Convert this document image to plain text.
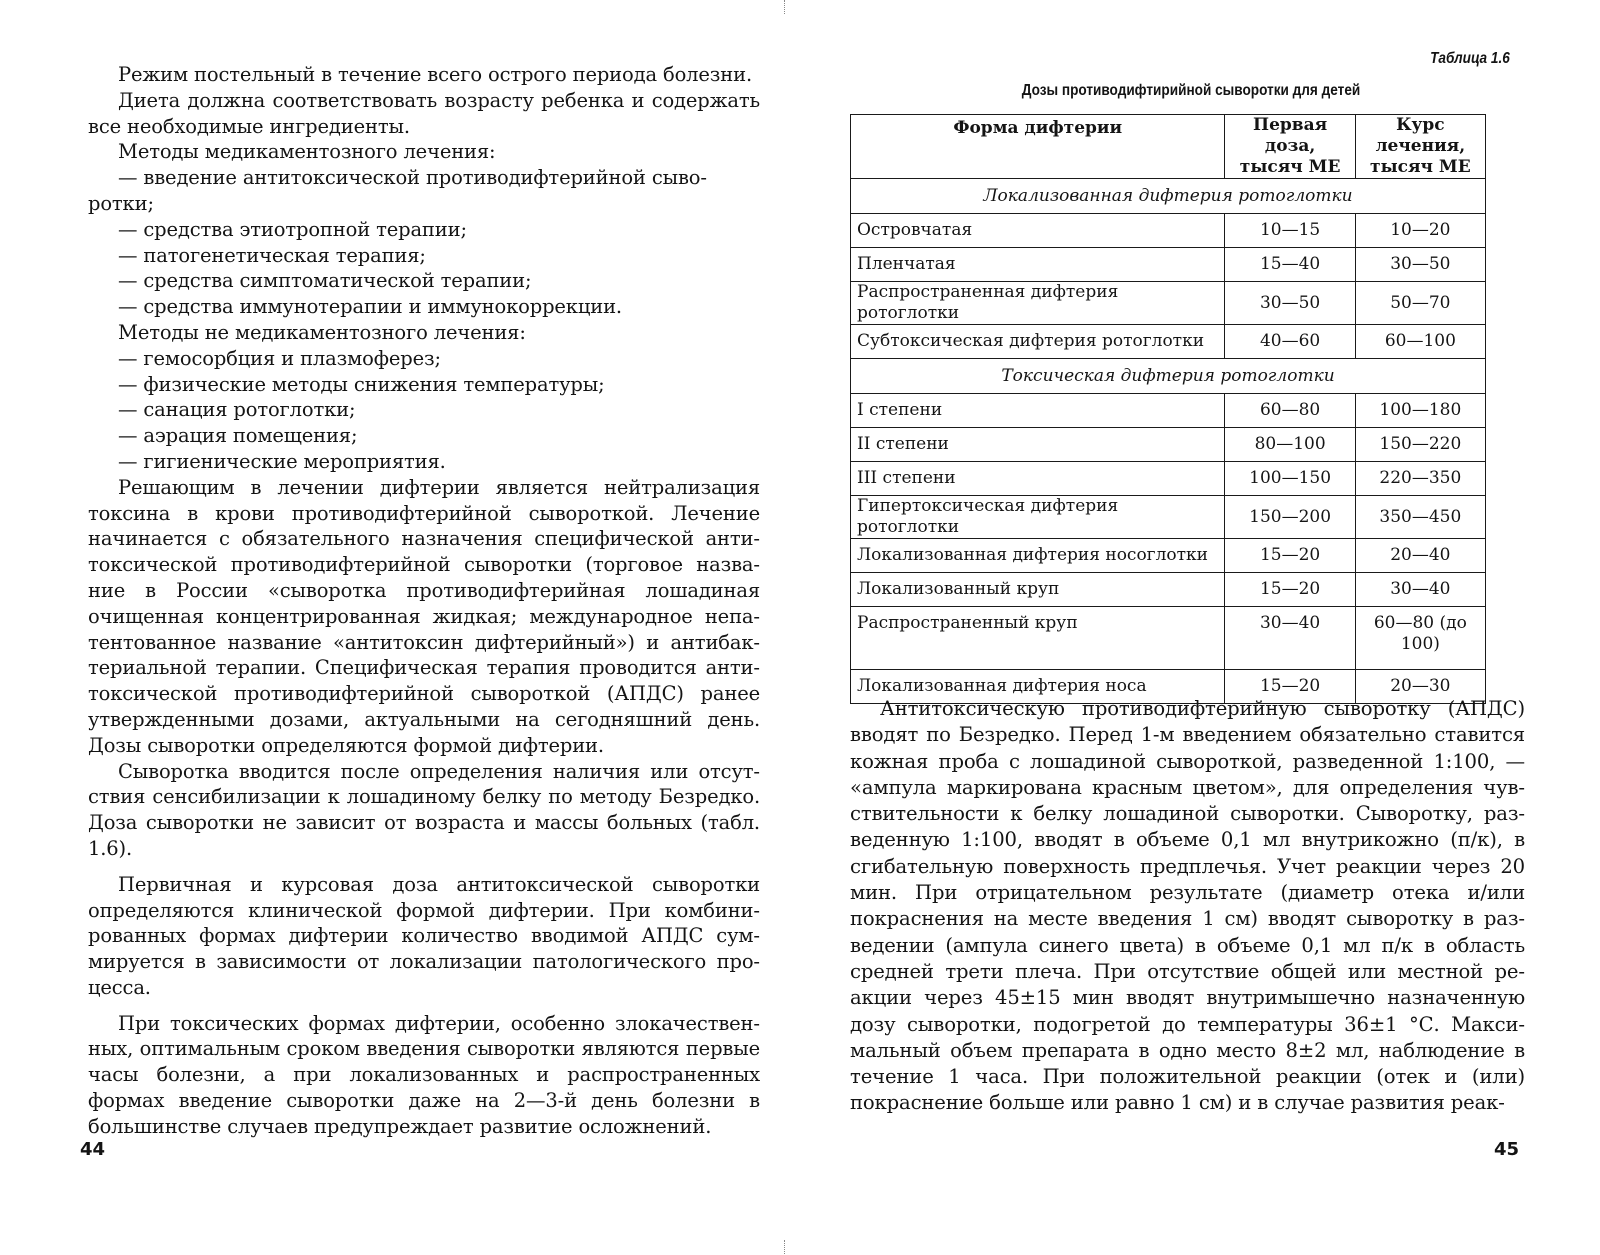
Режим постельный в течение всего острого периода болезни.

Диета должна соответствовать возрасту ребенка и содержать все необходимые ингредиенты.

Методы медикаментозного лечения:

— введение антитоксической противодифтерийной сыворотки;

— средства этиотропной терапии;

— патогенетическая терапия;

— средства симптоматической терапии;

— средства иммунотерапии и иммунокоррекции.

Методы не медикаментозного лечения:

— гемосорбция и плазмоферез;

— физические методы снижения температуры;

— санация ротоглотки;

— аэрация помещения;

— гигиенические мероприятия.

Решающим в лечении дифтерии является нейтрализация токсина в крови противодифтерийной сывороткой. Лечение начинается с обязательного назначения специфической антитоксической противодифтерийной сыворотки (торговое название в России «сыворотка противодифтерийная лошадиная очищенная концентрированная жидкая; международное непатентованное название «антитоксин дифтерийный») и антибактериальной терапии. Специфическая терапия проводится антитоксической противодифтерийной сывороткой (АПДС) ранее утвержденными дозами, актуальными на сегодняшний день. Дозы сыворотки определяются формой дифтерии.

Сыворотка вводится после определения наличия или отсутствия сенсибилизации к лошадиному белку по методу Безредко. Доза сыворотки не зависит от возраста и массы больных (табл. 1.6).

Первичная и курсовая доза антитоксической сыворотки определяются клинической формой дифтерии. При комбинированных формах дифтерии количество вводимой АПДС суммируется в зависимости от локализации патологического процесса.

При токсических формах дифтерии, особенно злокачественных, оптимальным сроком введения сыворотки являются первые часы болезни, а при локализованных и распространенных формах введение сыворотки даже на 2—3-й день болезни в большинстве случаев предупреждает развитие осложнений.

44
Таблица 1.6
Дозы противодифтирийной сыворотки для детей
Форма дифтерии	Первая доза, тысяч МЕ	Курс лечения, тысяч МЕ
Локализованная дифтерия ротоглотки		
Островчатая	10—15	10—20
Пленчатая	15—40	30—50
Распространенная дифтерия ротоглотки	30—50	50—70
Субтоксическая дифтерия ротоглотки	40—60	60—100
Токсическая дифтерия ротоглотки		
I степени	60—80	100—180
II степени	80—100	150—220
III степени	100—150	220—350
Гипертоксическая дифтерия ротоглотки	150—200	350—450
Локализованная дифтерия носоглотки	15—20	20—40
Локализованный круп	15—20	30—40
Распространенный круп	30—40	60—80 (до 100)
Локализованная дифтерия носа	15—20	20—30

Антитоксическую противодифтерийную сыворотку (АПДС) вводят по Безредко. Перед 1-м введением обязательно ставится кожная проба с лошадиной сывороткой, разведенной 1:100, — «ампула маркирована красным цветом», для определения чувствительности к белку лошадиной сыворотки. Сыворотку, разведенную 1:100, вводят в объеме 0,1 мл внутрикожно (п/к), в сгибательную поверхность предплечья. Учет реакции через 20 мин. При отрицательном результате (диаметр отека и/или покраснения на месте введения 1 см) вводят сыворотку в разведении (ампула синего цвета) в объеме 0,1 мл п/к в область средней трети плеча. При отсутствие общей или местной реакции через 45±15 мин вводят внутримышечно назначенную дозу сыворотки, подогретой до температуры 36±1 °С. Максимальный объем препарата в одно место 8±2 мл, наблюдение в течение 1 часа. При положительной реакции (отек и (или) покраснение больше или равно 1 см) и в случае развития реак-

45
